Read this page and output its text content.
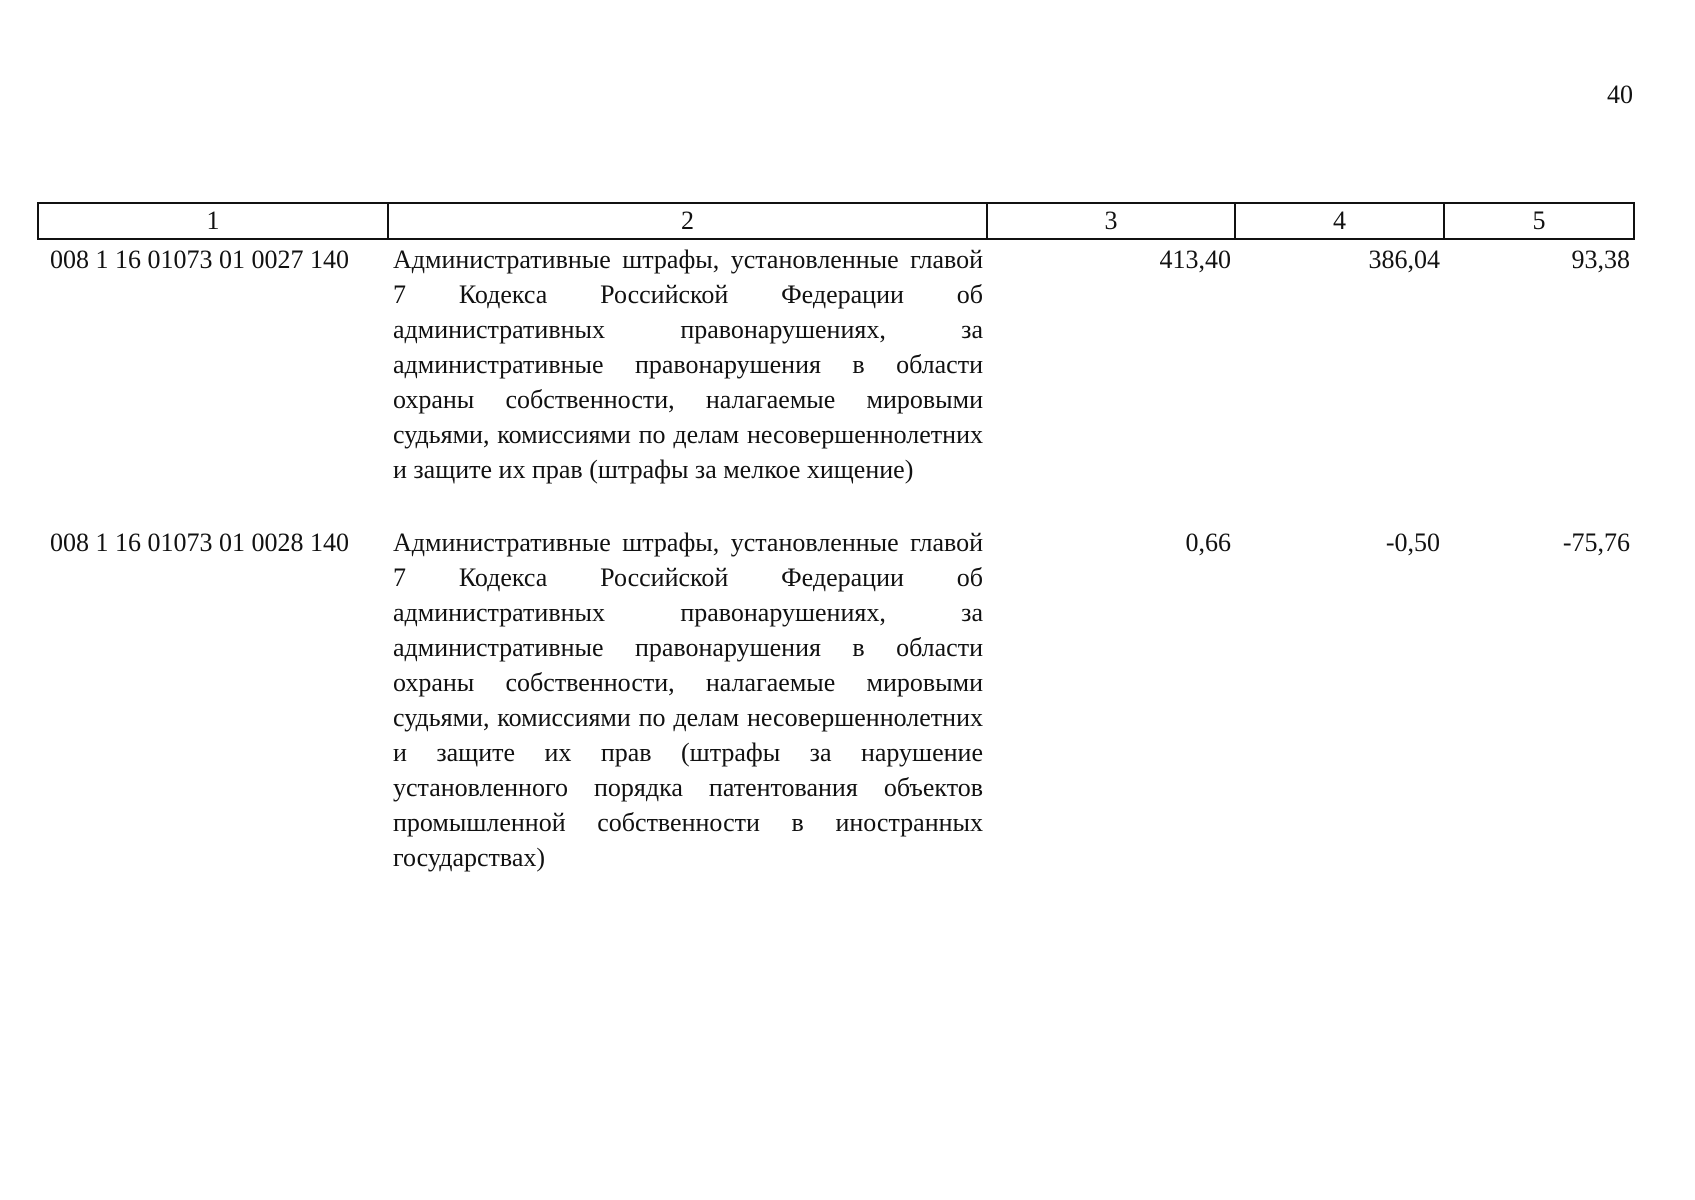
40
1	2	3	4	5
008 1 16 01073 01 0027 140	Административные штрафы, установленные главой 7 Кодекса Российской Федерации об административных правонарушениях, за административные правонарушения в области охраны собственности, налагаемые мировыми судьями, комиссиями по делам несовершеннолетних и защите их прав (штрафы за мелкое хищение)	413,40	386,04	93,38
008 1 16 01073 01 0028 140	Административные штрафы, установленные главой 7 Кодекса Российской Федерации об административных правонарушениях, за административные правонарушения в области охраны собственности, налагаемые мировыми судьями, комиссиями по делам несовершеннолетних и защите их прав (штрафы за нарушение установленного порядка патентования объектов промышленной собственности в иностранных государствах)	0,66	-0,50	-75,76
